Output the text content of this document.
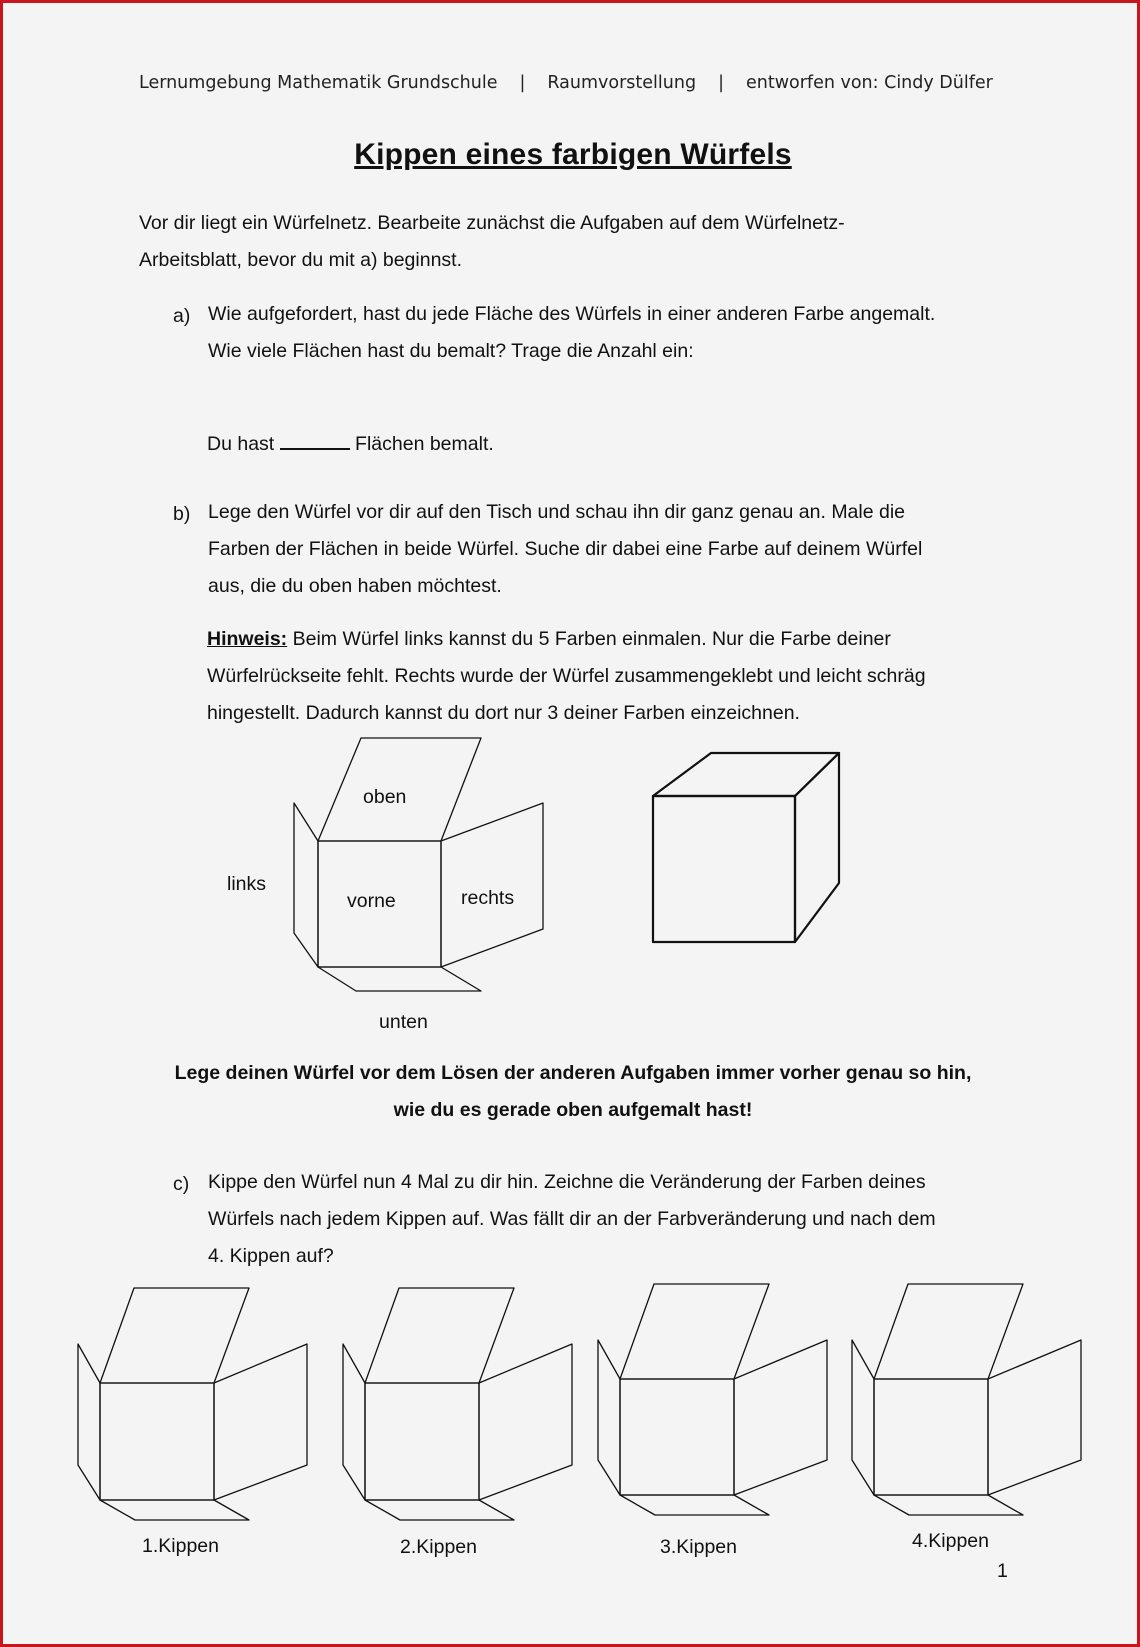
Lernumgebung Mathematik Grundschule | Raumvorstellung | entworfen von: Cindy Dülfer
Kippen eines farbigen Würfels

Vor dir liegt ein Würfelnetz. Bearbeite zunächst die Aufgaben auf dem Würfelnetz-

Arbeitsblatt, bevor du mit a) beginnst.

a) Wie aufgefordert, hast du jede Fläche des Würfels in einer anderen Farbe angemalt.

Wie viele Flächen hast du bemalt? Trage die Anzahl ein:

Du hast	Flächen bemalt.
b) Lege den Würfel vor dir auf den Tisch und schau ihn dir ganz genau an. Male die

Farben der Flächen in beide Würfel. Suche dir dabei eine Farbe auf deinem Würfel

aus, die du oben haben möchtest.

Hinweis: Beim Würfel links kannst du 5 Farben einmalen. Nur die Farbe deiner

Würfelrückseite fehlt. Rechts wurde der Würfel zusammengeklebt und leicht schräg

hingestellt. Dadurch kannst du dort nur 3 deiner Farben einzeichnen.

oben
links
vorne	rechts
unten
Lege deinen Würfel vor dem Lösen der anderen Aufgaben immer vorher genau so hin,
wie du es gerade oben aufgemalt hast!
c) Kippe den Würfel nun 4 Mal zu dir hin. Zeichne die Veränderung der Farben deines

Würfels nach jedem Kippen auf. Was fällt dir an der Farbveränderung und nach dem

4. Kippen auf?

1.Kippen	2.Kippen	3.Kippen	4.Kippen
1
